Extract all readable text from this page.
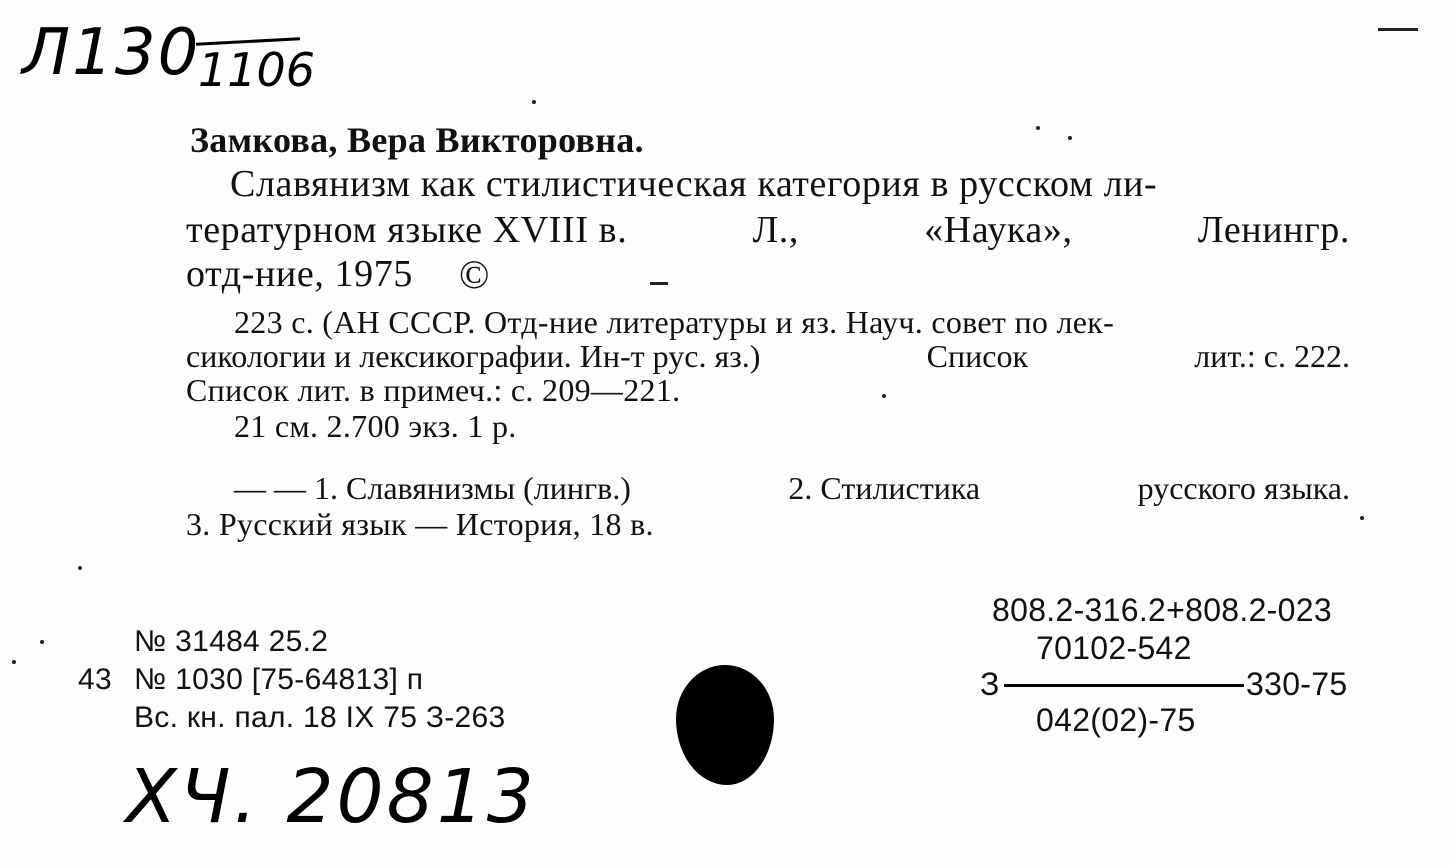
Л130
1106
Замкова, Вера Викторовна.
Славянизм как стилистическая категория в русском ли-
тературном языке XVIII в.	Л.,	«Наука»,	Ленингр.
отд-ние, 1975 ©
223 с. (АН СССР. Отд-ние литературы и яз. Науч. совет по лек-
сикологии и лексикографии. Ин-т рус. яз.)	Список	лит.: с. 222.
Список лит. в примеч.: с. 209—221.
21 см. 2.700 экз. 1 р.
— — 1. Славянизмы (лингв.)	2. Стилистика	русского языка.
3. Русский язык — История, 18 в.
№ 31484 25.2
43 № 1030 [75-64813] п
Вс. кн. пал. 18 IX 75 З-263
808.2-316.2+808.2-023
70102-542
З	330-75
042(02)-75
ХЧ. 20813
